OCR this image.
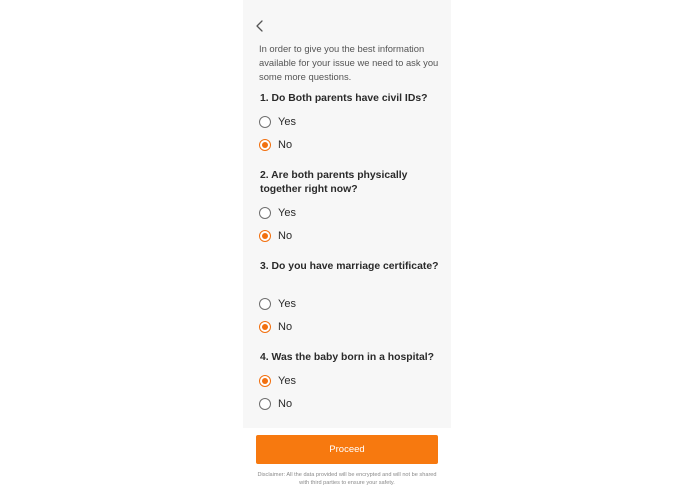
In order to give you the best information available for your issue we need to ask you some more questions.
1. Do Both parents have civil IDs?
Yes
No
2. Are both parents physically together right now?
Yes
No
3. Do you have marriage certificate?
Yes
No
4. Was the baby born in a hospital?
Yes
No
Proceed
Disclaimer: All the data provided will be encrypted and will not be shared with third parties to ensure your safety.
